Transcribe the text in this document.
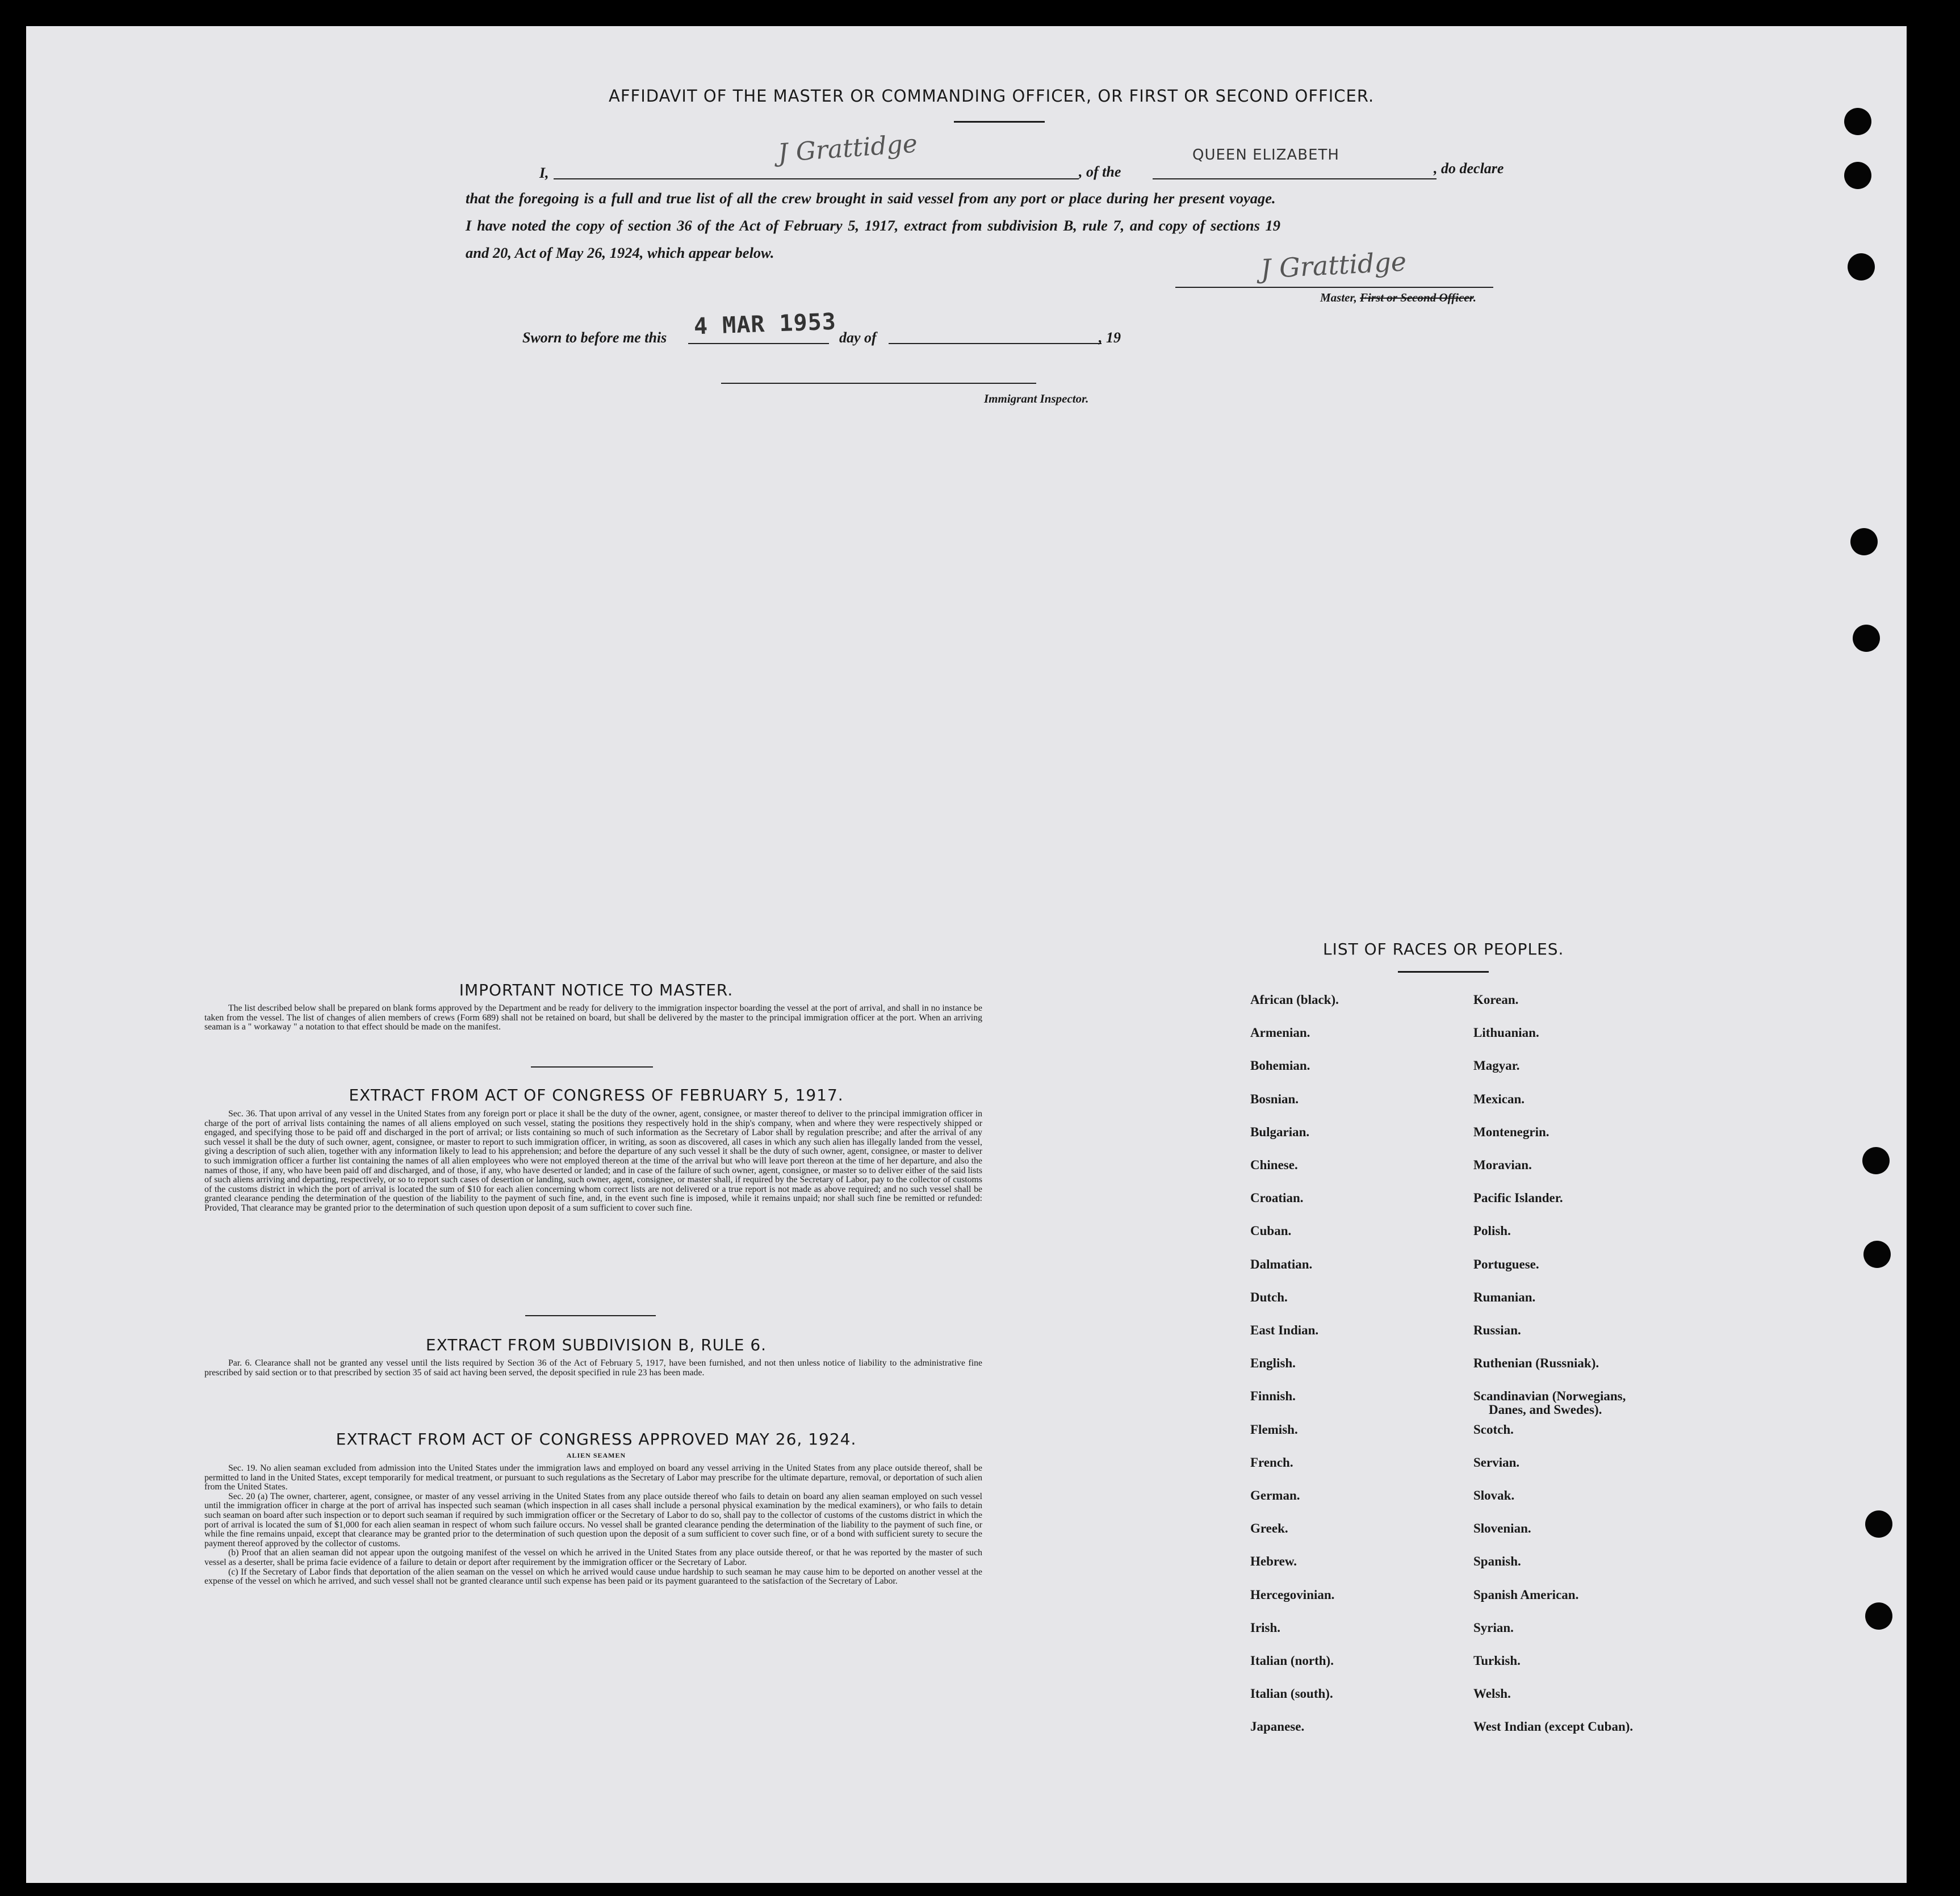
AFFIDAVIT OF THE MASTER OR COMMANDING OFFICER, OR FIRST OR SECOND OFFICER.
I,
J Grattidge
, of the
QUEEN ELIZABETH
, do declare
that the foregoing is a full and true list of all the crew brought in said vessel from any port or place during her present voyage.
I have noted the copy of section 36 of the Act of February 5, 1917, extract from subdivision B, rule 7, and copy of sections 19
and 20, Act of May 26, 1924, which appear below.	J Grattidge
Master, First or Second Officer.
Sworn to before me this 4 MAR 1953 day of	, 19
Immigrant Inspector.
IMPORTANT NOTICE TO MASTER.
The list described below shall be prepared on blank forms approved by the Department and be ready for delivery to the immigration inspector boarding the vessel at the port of arrival, and shall in no instance be taken from the vessel. The list of changes of alien members of crews (Form 689) shall not be retained on board, but shall be delivered by the master to the principal immigration officer at the port. When an arriving seaman is a " workaway " a notation to that effect should be made on the manifest.
EXTRACT FROM ACT OF CONGRESS OF FEBRUARY 5, 1917.
Sec. 36. That upon arrival of any vessel in the United States from any foreign port or place it shall be the duty of the owner, agent, consignee, or master thereof to deliver to the principal immigration officer in charge of the port of arrival lists containing the names of all aliens employed on such vessel, stating the positions they respectively hold in the ship's company, when and where they were respectively shipped or engaged, and specifying those to be paid off and discharged in the port of arrival; or lists containing so much of such information as the Secretary of Labor shall by regulation prescribe; and after the arrival of any such vessel it shall be the duty of such owner, agent, consignee, or master to report to such immigration officer, in writing, as soon as discovered, all cases in which any such alien has illegally landed from the vessel, giving a description of such alien, together with any information likely to lead to his apprehension; and before the departure of any such vessel it shall be the duty of such owner, agent, consignee, or master to deliver to such immigration officer a further list containing the names of all alien employees who were not employed thereon at the time of the arrival but who will leave port thereon at the time of her departure, and also the names of those, if any, who have been paid off and discharged, and of those, if any, who have deserted or landed; and in case of the failure of such owner, agent, consignee, or master so to deliver either of the said lists of such aliens arriving and departing, respectively, or so to report such cases of desertion or landing, such owner, agent, consignee, or master shall, if required by the Secretary of Labor, pay to the collector of customs of the customs district in which the port of arrival is located the sum of $10 for each alien concerning whom correct lists are not delivered or a true report is not made as above required; and no such vessel shall be granted clearance pending the determination of the question of the liability to the payment of such fine, and, in the event such fine is imposed, while it remains unpaid; nor shall such fine be remitted or refunded: Provided, That clearance may be granted prior to the determination of such question upon deposit of a sum sufficient to cover such fine.
EXTRACT FROM SUBDIVISION B, RULE 6.
Par. 6. Clearance shall not be granted any vessel until the lists required by Section 36 of the Act of February 5, 1917, have been furnished, and not then unless notice of liability to the administrative fine prescribed by said section or to that prescribed by section 35 of said act having been served, the deposit specified in rule 23 has been made.
EXTRACT FROM ACT OF CONGRESS APPROVED MAY 26, 1924.
ALIEN SEAMEN
Sec. 19. No alien seaman excluded from admission into the United States under the immigration laws and employed on board any vessel arriving in the United States from any place outside thereof, shall be permitted to land in the United States, except temporarily for medical treatment, or pursuant to such regulations as the Secretary of Labor may prescribe for the ultimate departure, removal, or deportation of such alien from the United States.
Sec. 20 (a) The owner, charterer, agent, consignee, or master of any vessel arriving in the United States from any place outside thereof who fails to detain on board any alien seaman employed on such vessel until the immigration officer in charge at the port of arrival has inspected such seaman (which inspection in all cases shall include a personal physical examination by the medical examiners), or who fails to detain such seaman on board after such inspection or to deport such seaman if required by such immigration officer or the Secretary of Labor to do so, shall pay to the collector of customs of the customs district in which the port of arrival is located the sum of $1,000 for each alien seaman in respect of whom such failure occurs. No vessel shall be granted clearance pending the determination of the liability to the payment of such fine, or while the fine remains unpaid, except that clearance may be granted prior to the determination of such question upon the deposit of a sum sufficient to cover such fine, or of a bond with sufficient surety to secure the payment thereof approved by the collector of customs.
(b) Proof that an alien seaman did not appear upon the outgoing manifest of the vessel on which he arrived in the United States from any place outside thereof, or that he was reported by the master of such vessel as a deserter, shall be prima facie evidence of a failure to detain or deport after requirement by the immigration officer or the Secretary of Labor.
(c) If the Secretary of Labor finds that deportation of the alien seaman on the vessel on which he arrived would cause undue hardship to such seaman he may cause him to be deported on another vessel at the expense of the vessel on which he arrived, and such vessel shall not be granted clearance until such expense has been paid or its payment guaranteed to the satisfaction of the Secretary of Labor.
LIST OF RACES OR PEOPLES.
African (black).
Armenian.
Bohemian.
Bosnian.
Bulgarian.
Chinese.
Croatian.
Cuban.
Dalmatian.
Dutch.
East Indian.
English.
Finnish.
Flemish.
French.
German.
Greek.
Hebrew.
Hercegovinian.
Irish.
Italian (north).
Italian (south).
Japanese.
Korean.
Lithuanian.
Magyar.
Mexican.
Montenegrin.
Moravian.
Pacific Islander.
Polish.
Portuguese.
Rumanian.
Russian.
Ruthenian (Russniak).
Scandinavian (Norwegians,
Scotch.
Servian.
Slovak.
Slovenian.
Spanish.
Spanish American.
Syrian.
Turkish.
Welsh.
West Indian (except Cuban).
Danes, and Swedes).
